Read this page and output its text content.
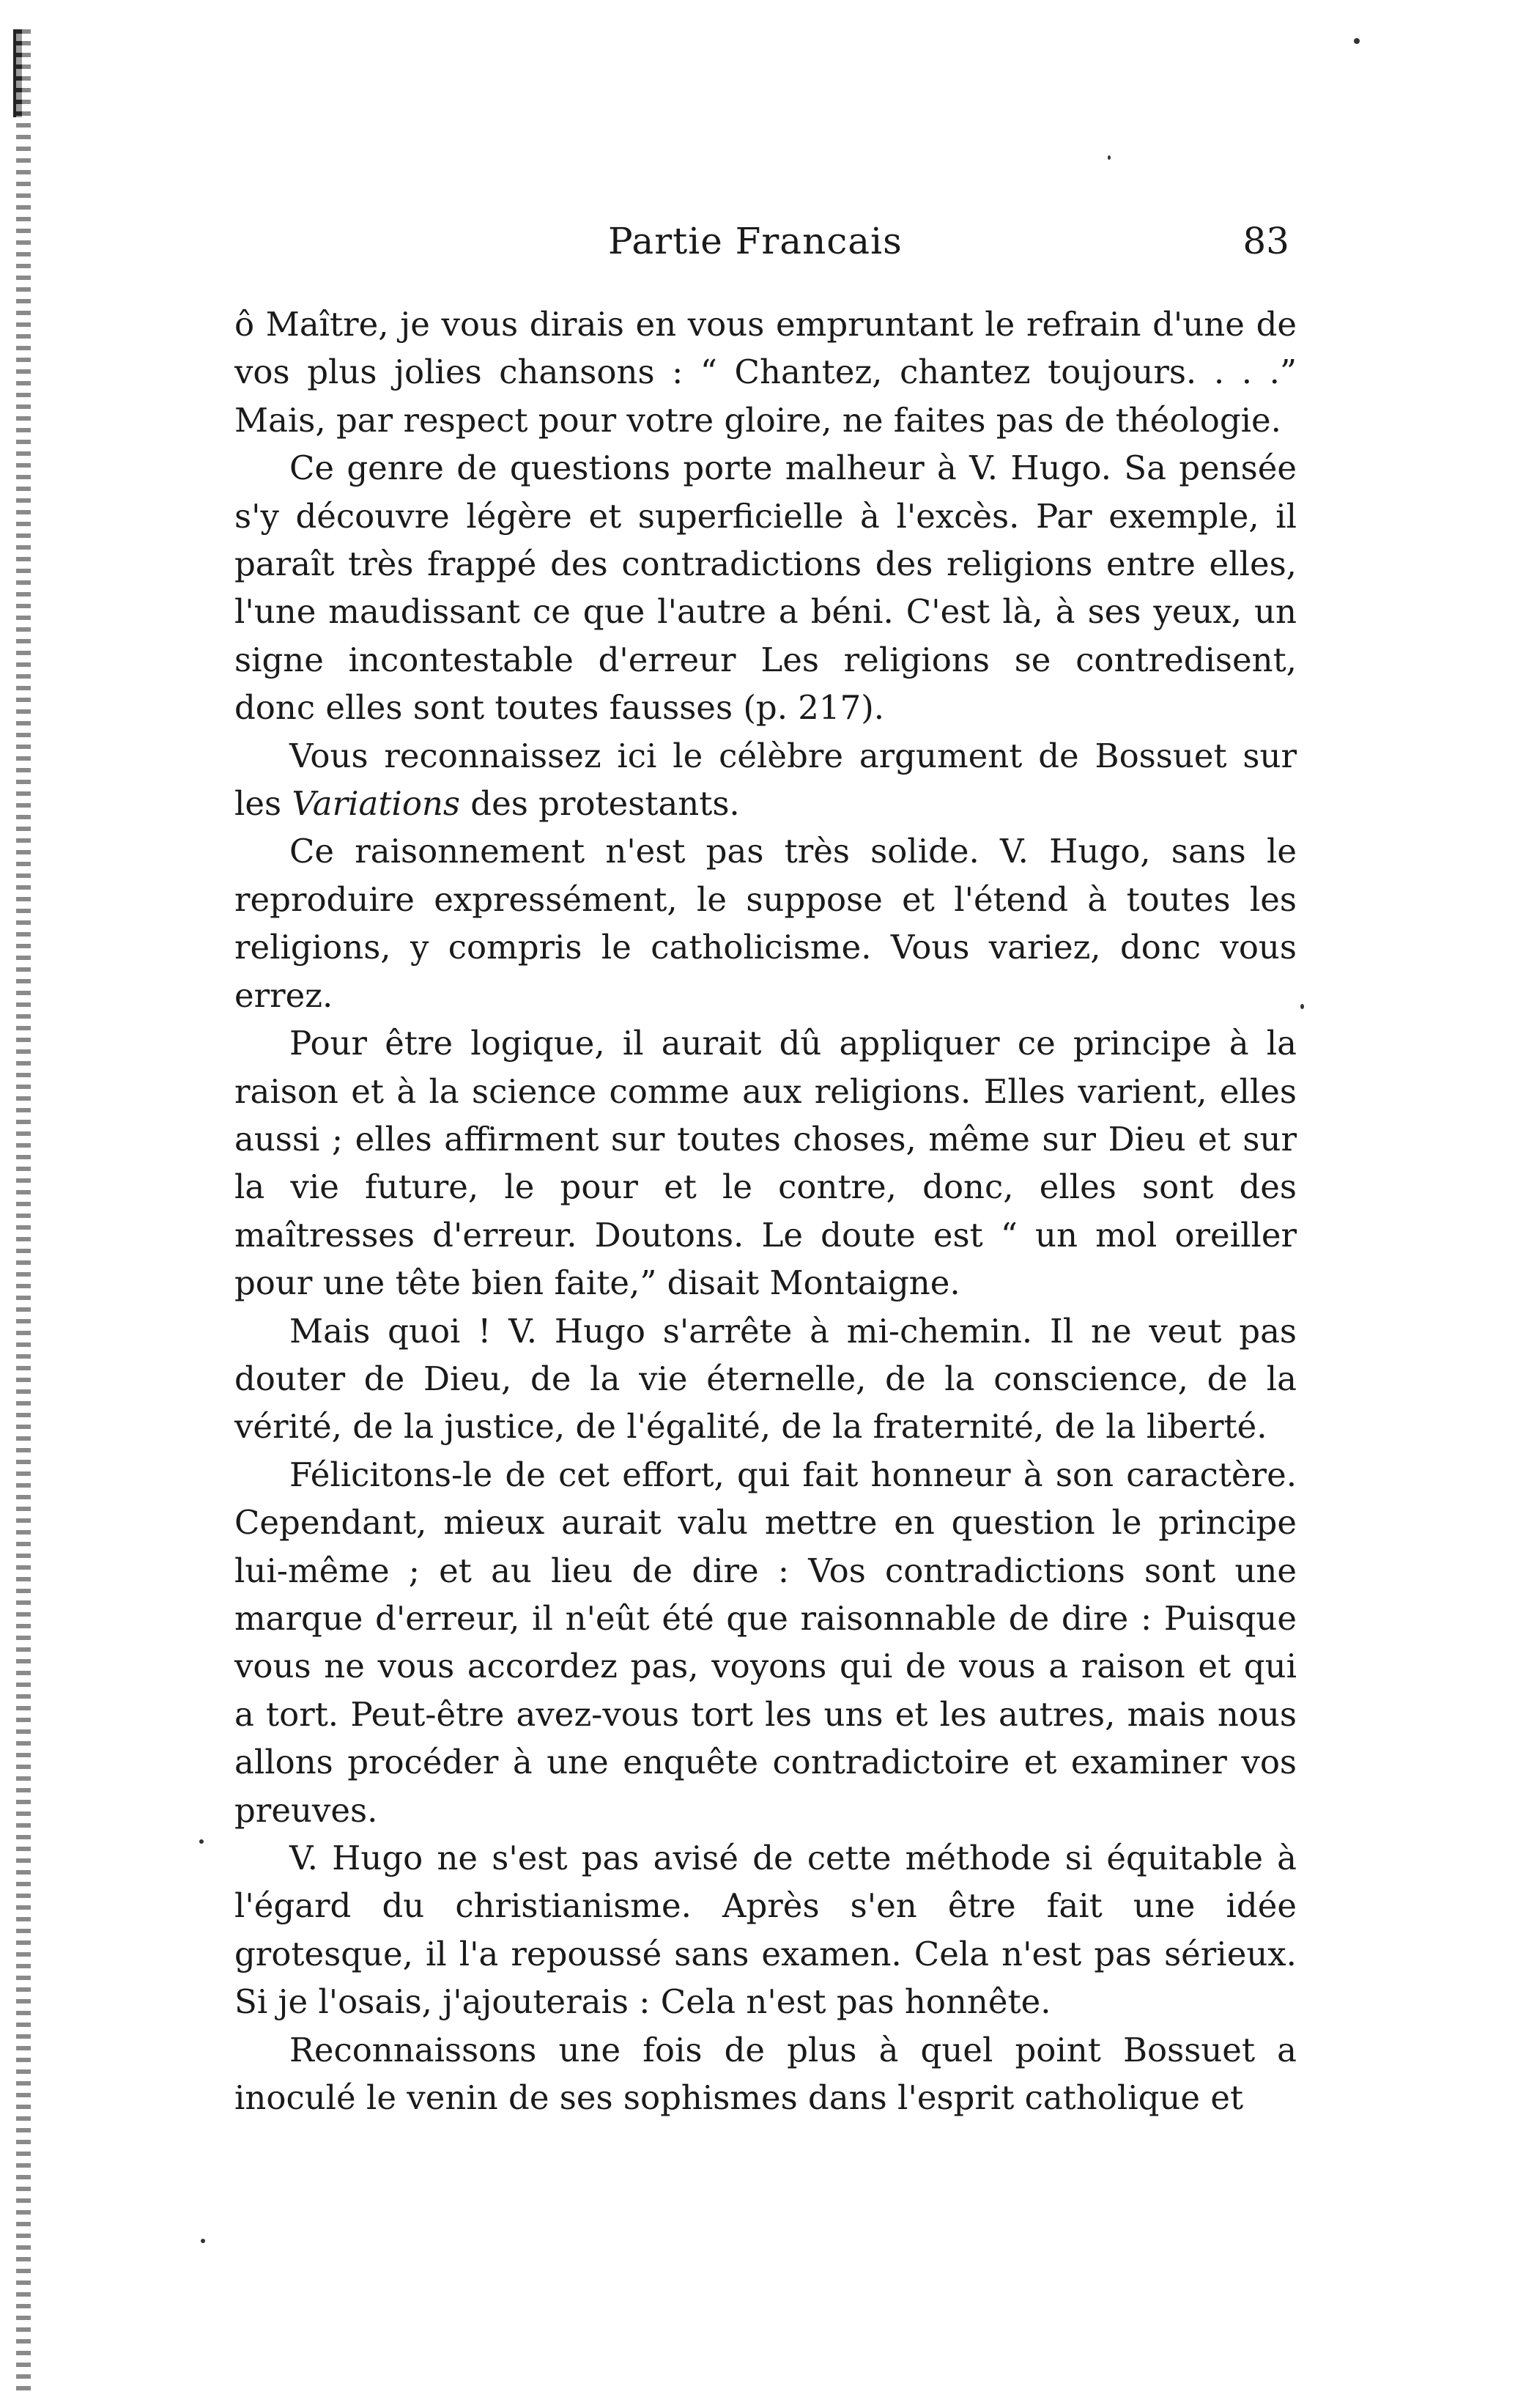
Partie Francais	83

ô Maître, je vous dirais en vous empruntant le refrain d'une de vos plus jolies chansons : “ Chantez, chantez toujours. . . .” Mais, par respect pour votre gloire, ne faites pas de théologie.

Ce genre de questions porte malheur à V. Hugo. Sa pensée s'y découvre légère et superficielle à l'excès. Par exemple, il paraît très frappé des contradictions des religions entre elles, l'une maudissant ce que l'autre a béni. C'est là, à ses yeux, un signe incontestable d'erreur Les religions se contredisent, donc elles sont toutes fausses (p. 217).

Vous reconnaissez ici le célèbre argument de Bossuet sur les Variations des protestants.

Ce raisonnement n'est pas très solide. V. Hugo, sans le reproduire expressément, le suppose et l'étend à toutes les religions, y compris le catholicisme. Vous variez, donc vous errez.

Pour être logique, il aurait dû appliquer ce principe à la raison et à la science comme aux religions. Elles varient, elles aussi ; elles affirment sur toutes choses, même sur Dieu et sur la vie future, le pour et le contre, donc, elles sont des maîtresses d'erreur. Doutons. Le doute est “ un mol oreiller pour une tête bien faite,” disait Montaigne.

Mais quoi ! V. Hugo s'arrête à mi-chemin. Il ne veut pas douter de Dieu, de la vie éternelle, de la conscience, de la vérité, de la justice, de l'égalité, de la fraternité, de la liberté.

Félicitons-le de cet effort, qui fait honneur à son caractère. Cependant, mieux aurait valu mettre en question le principe lui-même ; et au lieu de dire : Vos contradictions sont une marque d'erreur, il n'eût été que raisonnable de dire : Puisque vous ne vous accordez pas, voyons qui de vous a raison et qui a tort. Peut-être avez-vous tort les uns et les autres, mais nous allons procéder à une enquête contradictoire et examiner vos preuves.

V. Hugo ne s'est pas avisé de cette méthode si équitable à l'égard du christianisme. Après s'en être fait une idée grotesque, il l'a repoussé sans examen. Cela n'est pas sérieux. Si je l'osais, j'ajouterais : Cela n'est pas honnête.

Reconnaissons une fois de plus à quel point Bossuet a inoculé le venin de ses sophismes dans l'esprit catholique et
